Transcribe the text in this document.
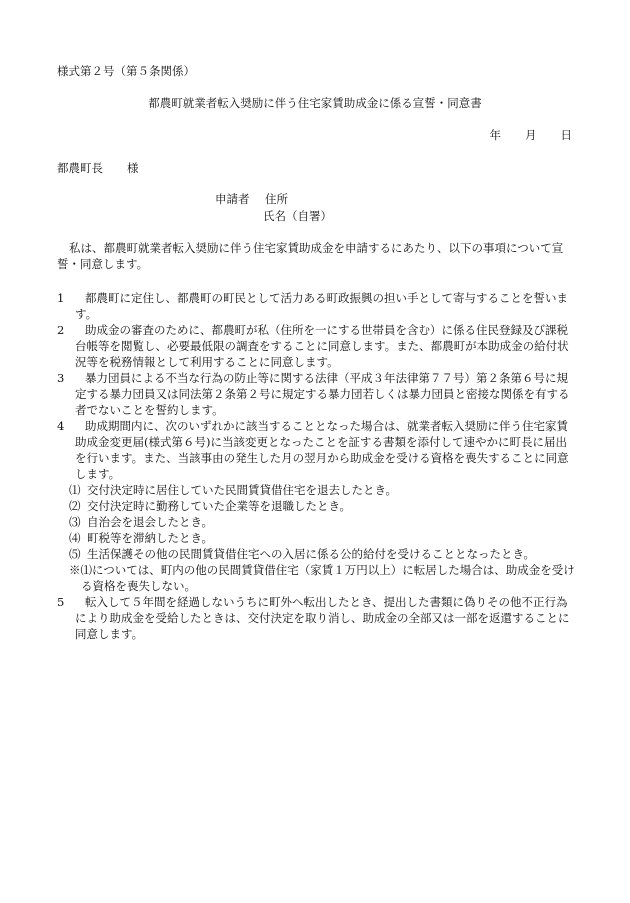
様式第２号（第５条関係）
都農町就業者転入奨励に伴う住宅家賃助成金に係る宣誓・同意書
年 月 日
都農町長 様
申請者 住所
氏名（自署）
私は、都農町就業者転入奨励に伴う住宅家賃助成金を申請するにあたり、以下の事項について宣誓・同意します。
1	都農町に定住し、都農町の町民として活力ある町政振興の担い手として寄与することを誓います。
2	助成金の審査のために、都農町が私（住所を一にする世帯員を含む）に係る住民登録及び課税台帳等を閲覧し、必要最低限の調査をすることに同意します。また、都農町が本助成金の給付状況等を税務情報として利用することに同意します。
3	暴力団員による不当な行為の防止等に関する法律（平成３年法律第７７号）第２条第６号に規定する暴力団員又は同法第２条第２号に規定する暴力団若しくは暴力団員と密接な関係を有する者でないことを誓約します。
4	助成期間内に、次のいずれかに該当することとなった場合は、就業者転入奨励に伴う住宅家賃助成金変更届(様式第６号)に当該変更となったことを証する書類を添付して速やかに町長に届出を行います。また、当該事由の発生した月の翌月から助成金を受ける資格を喪失することに同意します。
⑴ 交付決定時に居住していた民間賃貸借住宅を退去したとき。
⑵ 交付決定時に勤務していた企業等を退職したとき。
⑶ 自治会を退会したとき。
⑷ 町税等を滞納したとき。
⑸ 生活保護その他の民間賃貸借住宅への入居に係る公的給付を受けることとなったとき。
※⑴については、町内の他の民間賃貸借住宅（家賃１万円以上）に転居した場合は、助成金を受ける資格を喪失しない。
5	転入して５年間を経過しないうちに町外へ転出したとき、提出した書類に偽りその他不正行為により助成金を受給したときは、交付決定を取り消し、助成金の全部又は一部を返還することに同意します。
